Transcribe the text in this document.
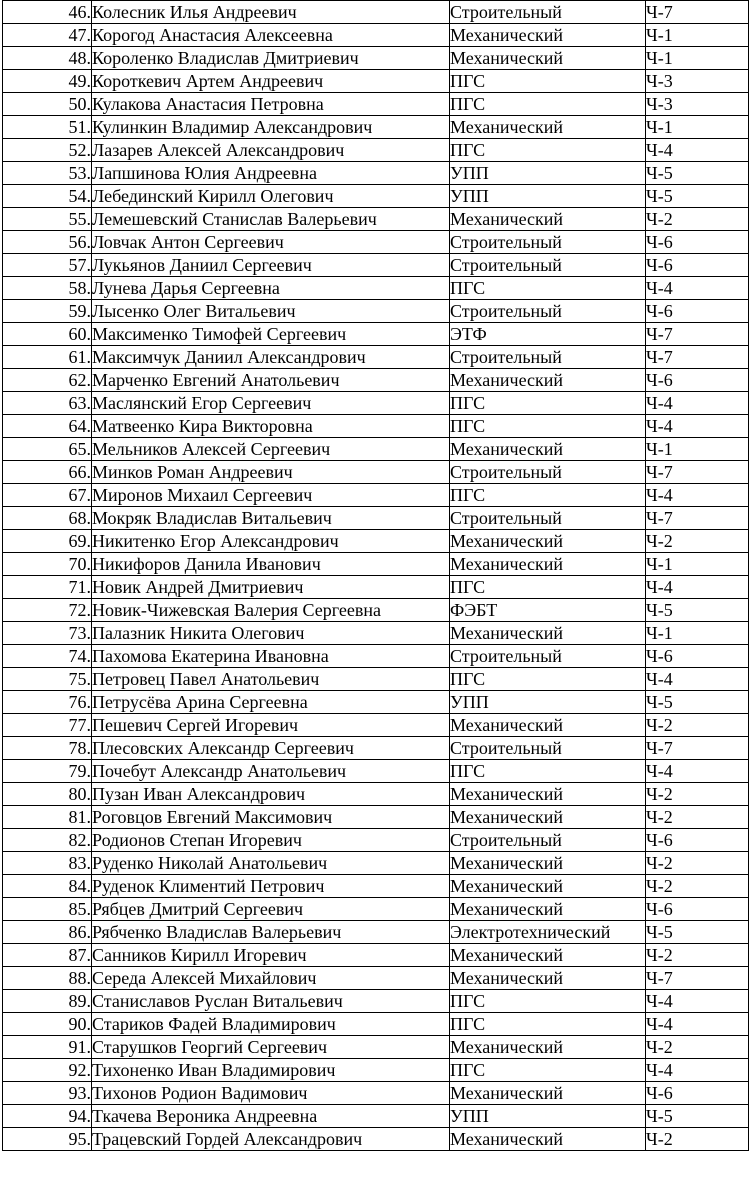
46.	Колесник Илья Андреевич	Строительный	Ч-7
47.	Корогод Анастасия Алексеевна	Механический	Ч-1
48.	Короленко Владислав Дмитриевич	Механический	Ч-1
49.	Короткевич Артем Андреевич	ПГС	Ч-3
50.	Кулакова Анастасия Петровна	ПГС	Ч-3
51.	Кулинкин Владимир Александрович	Механический	Ч-1
52.	Лазарев Алексей Александрович	ПГС	Ч-4
53.	Лапшинова Юлия Андреевна	УПП	Ч-5
54.	Лебединский Кирилл Олегович	УПП	Ч-5
55.	Лемешевский Станислав Валерьевич	Механический	Ч-2
56.	Ловчак Антон Сергеевич	Строительный	Ч-6
57.	Лукьянов Даниил Сергеевич	Строительный	Ч-6
58.	Лунева Дарья Сергеевна	ПГС	Ч-4
59.	Лысенко Олег Витальевич	Строительный	Ч-6
60.	Максименко Тимофей Сергеевич	ЭТФ	Ч-7
61.	Максимчук Даниил Александрович	Строительный	Ч-7
62.	Марченко Евгений Анатольевич	Механический	Ч-6
63.	Маслянский Егор Сергеевич	ПГС	Ч-4
64.	Матвеенко Кира Викторовна	ПГС	Ч-4
65.	Мельников Алексей Сергеевич	Механический	Ч-1
66.	Минков Роман Андреевич	Строительный	Ч-7
67.	Миронов Михаил Сергеевич	ПГС	Ч-4
68.	Мокряк Владислав Витальевич	Строительный	Ч-7
69.	Никитенко Егор Александрович	Механический	Ч-2
70.	Никифоров Данила Иванович	Механический	Ч-1
71.	Новик Андрей Дмитриевич	ПГС	Ч-4
72.	Новик-Чижевская Валерия Сергеевна	ФЭБТ	Ч-5
73.	Палазник Никита Олегович	Механический	Ч-1
74.	Пахомова Екатерина Ивановна	Строительный	Ч-6
75.	Петровец Павел Анатольевич	ПГС	Ч-4
76.	Петрусёва Арина Сергеевна	УПП	Ч-5
77.	Пешевич Сергей Игоревич	Механический	Ч-2
78.	Плесовских Александр Сергеевич	Строительный	Ч-7
79.	Почебут Александр Анатольевич	ПГС	Ч-4
80.	Пузан Иван Александрович	Механический	Ч-2
81.	Роговцов Евгений Максимович	Механический	Ч-2
82.	Родионов Степан Игоревич	Строительный	Ч-6
83.	Руденко Николай Анатольевич	Механический	Ч-2
84.	Руденок Климентий Петрович	Механический	Ч-2
85.	Рябцев Дмитрий Сергеевич	Механический	Ч-6
86.	Рябченко Владислав Валерьевич	Электротехнический	Ч-5
87.	Санников Кирилл Игоревич	Механический	Ч-2
88.	Середа Алексей Михайлович	Механический	Ч-7
89.	Станиславов Руслан Витальевич	ПГС	Ч-4
90.	Стариков Фадей Владимирович	ПГС	Ч-4
91.	Старушков Георгий Сергеевич	Механический	Ч-2
92.	Тихоненко Иван Владимирович	ПГС	Ч-4
93.	Тихонов Родион Вадимович	Механический	Ч-6
94.	Ткачева Вероника Андреевна	УПП	Ч-5
95.	Трацевский Гордей Александрович	Механический	Ч-2
